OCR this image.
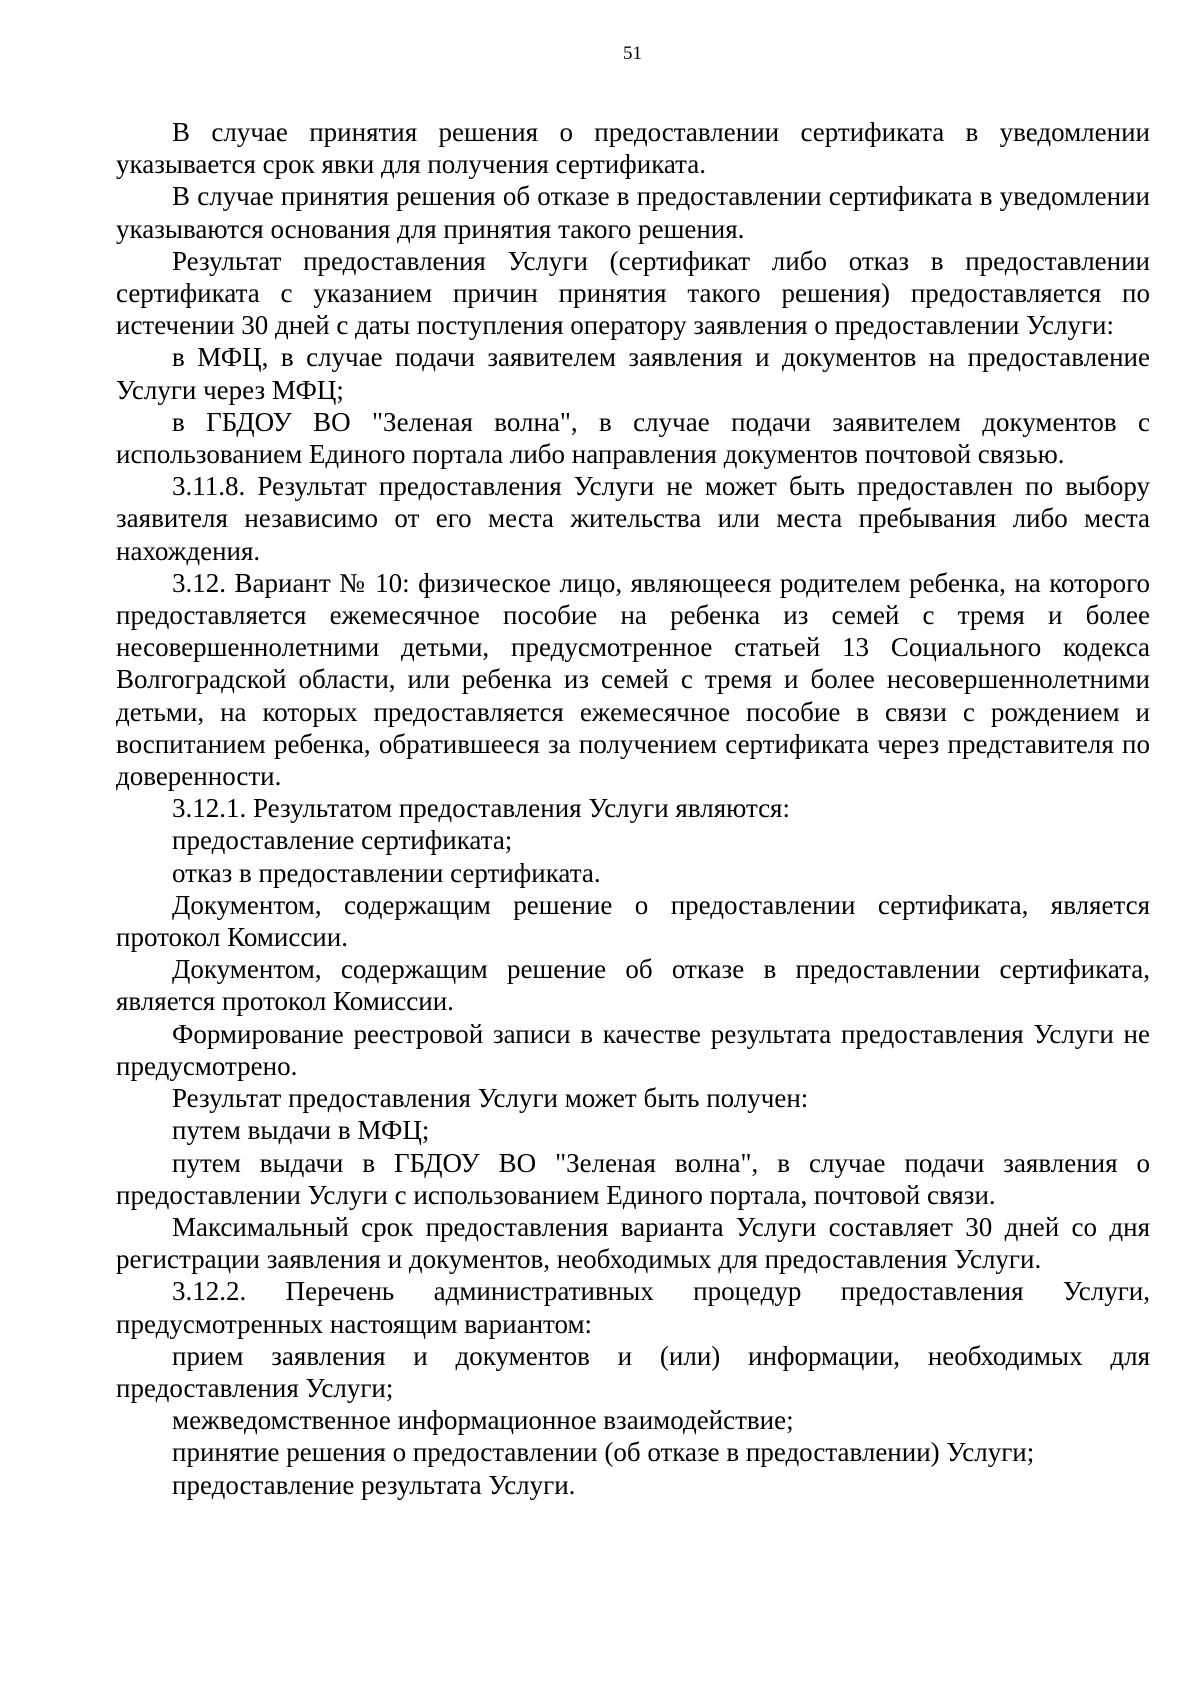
51

В случае принятия решения о предоставлении сертификата в уведомлении указывается срок явки для получения сертификата.

В случае принятия решения об отказе в предоставлении сертификата в уведомлении указываются основания для принятия такого решения.

Результат предоставления Услуги (сертификат либо отказ в предоставлении сертификата с указанием причин принятия такого решения) предоставляется по истечении 30 дней с даты поступления оператору заявления о предоставлении Услуги:

в МФЦ, в случае подачи заявителем заявления и документов на предоставление Услуги через МФЦ;

в ГБДОУ ВО "Зеленая волна", в случае подачи заявителем документов с использованием Единого портала либо направления документов почтовой связью.

3.11.8. Результат предоставления Услуги не может быть предоставлен по выбору заявителя независимо от его места жительства или места пребывания либо места нахождения.

3.12. Вариант № 10: физическое лицо, являющееся родителем ребенка, на которого предоставляется ежемесячное пособие на ребенка из семей с тремя и более несовершеннолетними детьми, предусмотренное статьей 13 Социального кодекса Волгоградской области, или ребенка из семей с тремя и более несовершеннолетними детьми, на которых предоставляется ежемесячное пособие в связи с рождением и воспитанием ребенка, обратившееся за получением сертификата через представителя по доверенности.

3.12.1. Результатом предоставления Услуги являются:

предоставление сертификата;

отказ в предоставлении сертификата.

Документом, содержащим решение о предоставлении сертификата, является протокол Комиссии.

Документом, содержащим решение об отказе в предоставлении сертификата, является протокол Комиссии.

Формирование реестровой записи в качестве результата предоставления Услуги не предусмотрено.

Результат предоставления Услуги может быть получен:

путем выдачи в МФЦ;

путем выдачи в ГБДОУ ВО "Зеленая волна", в случае подачи заявления о предоставлении Услуги с использованием Единого портала, почтовой связи.

Максимальный срок предоставления варианта Услуги составляет 30 дней со дня регистрации заявления и документов, необходимых для предоставления Услуги.

3.12.2. Перечень административных процедур предоставления Услуги, предусмотренных настоящим вариантом:

прием заявления и документов и (или) информации, необходимых для предоставления Услуги;

межведомственное информационное взаимодействие;

принятие решения о предоставлении (об отказе в предоставлении) Услуги;

предоставление результата Услуги.
